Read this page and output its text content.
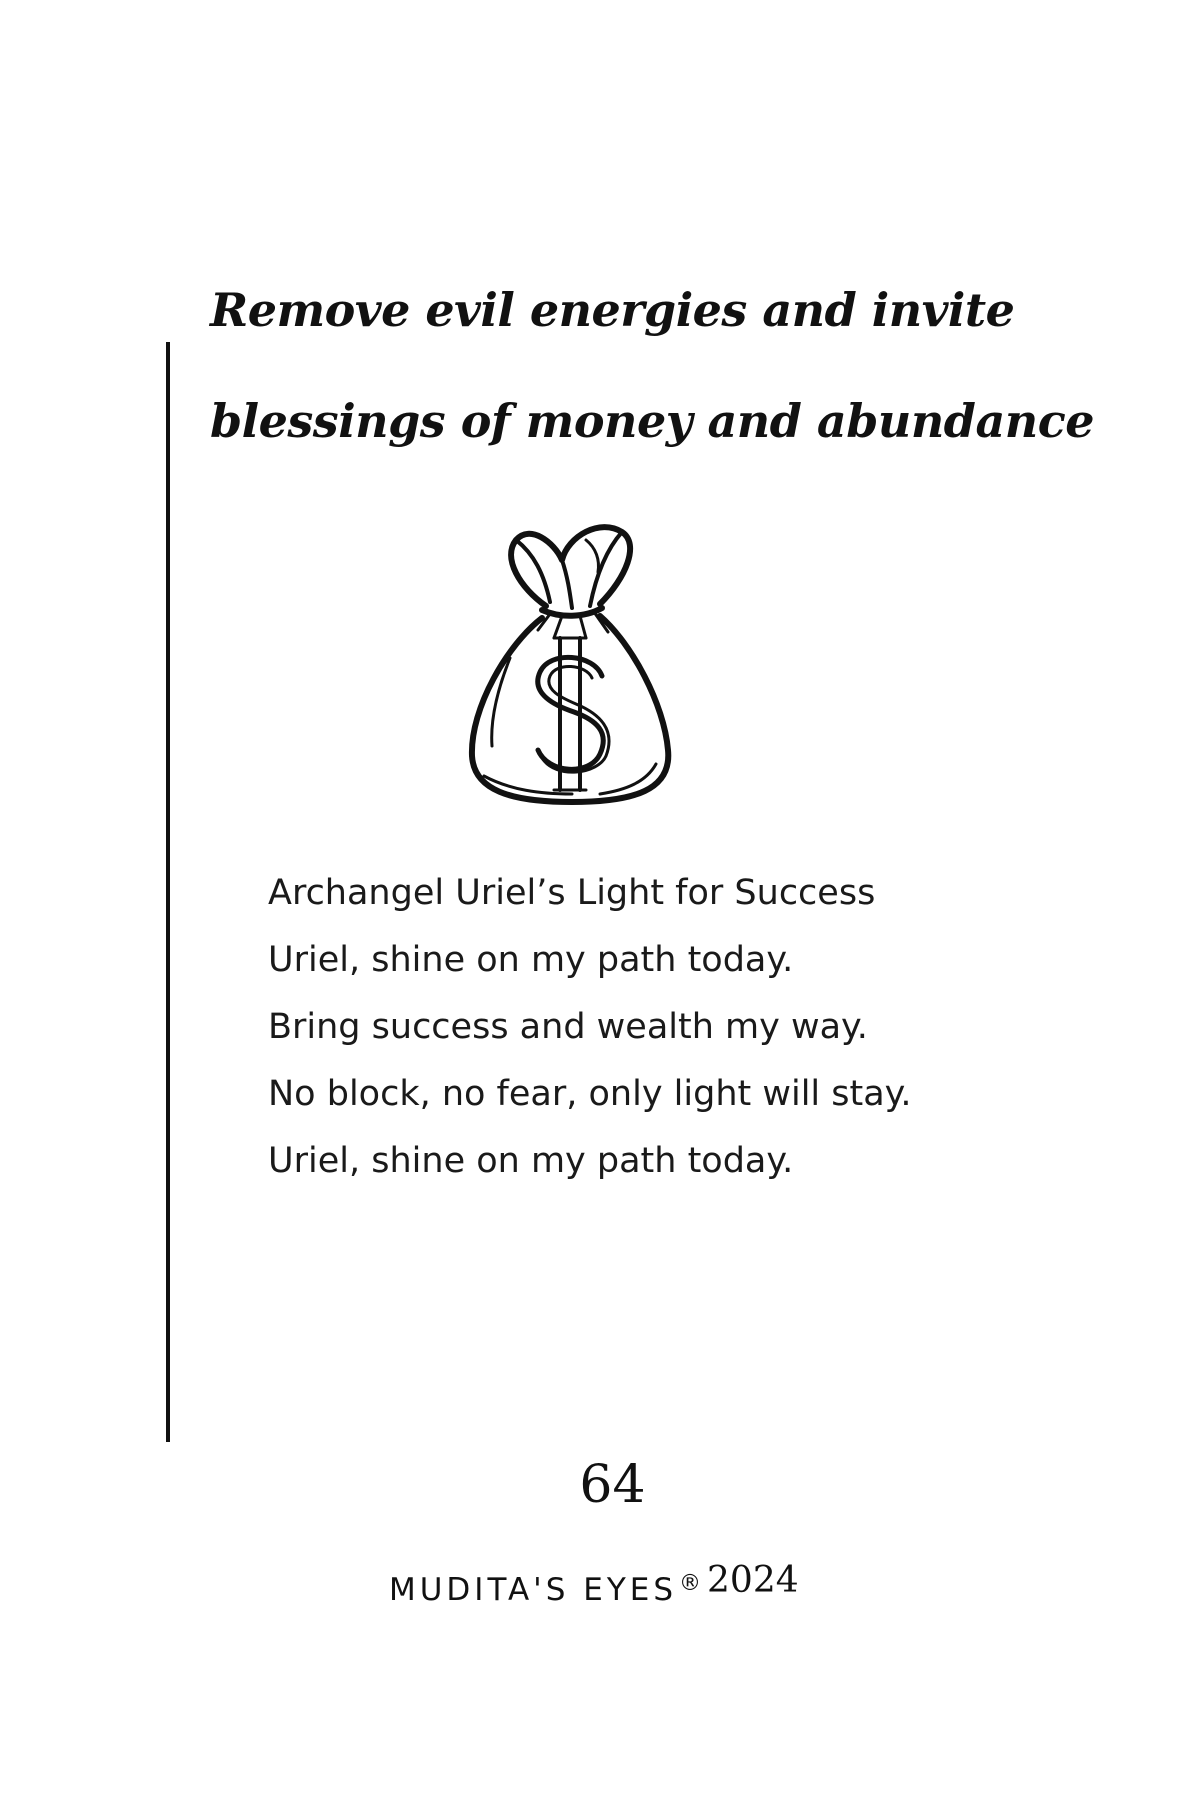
Remove evil energies and invite
blessings of money and abundance
Archangel Uriel’s Light for Success
Uriel, shine on my path today.
Bring success and wealth my way.
No block, no fear, only light will stay.
Uriel, shine on my path today.
64
MUDITA'S EYES® 2024
